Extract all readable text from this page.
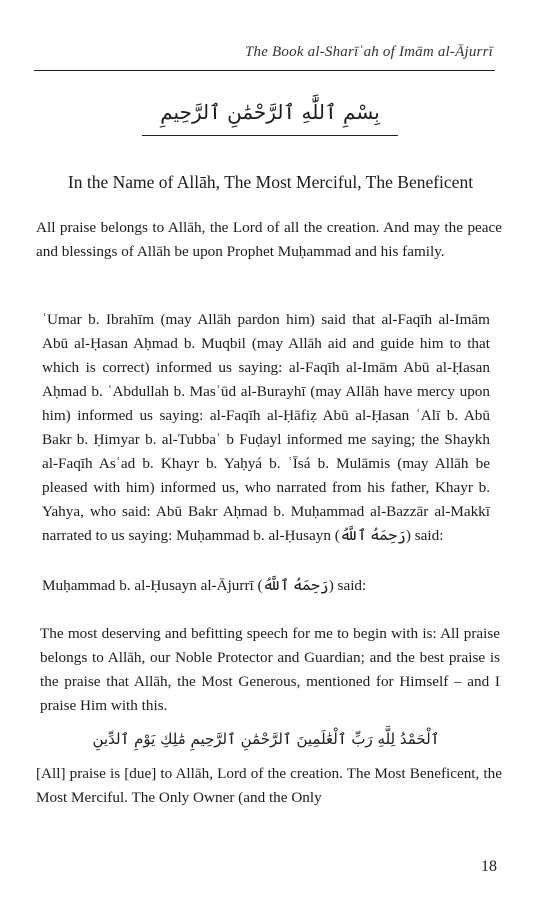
The Book al-Sharīʿah of Imām al-Ājurrī
بِسْمِ ٱللَّٰهِ ٱلرَّحْمَٰنِ ٱلرَّحِيمِ
In the Name of Allāh, The Most Merciful, The Beneficent

All praise belongs to Allāh, the Lord of all the creation. And may the peace and blessings of Allāh be upon Prophet Muḥammad and his family.

ʿUmar b. Ibrahīm (may Allāh pardon him) said that al-Faqīh al-Imām Abū al-Ḥasan Aḥmad b. Muqbil (may Allāh aid and guide him to that which is correct) informed us saying: al-Faqīh al-Imām Abū al-Ḥasan Aḥmad b. ʿAbdullah b. Masʿūd al-Burayhī (may Allāh have mercy upon him) informed us saying: al-Faqīh al-Ḥāfiẓ Abū al-Ḥasan ʿAlī b. Abū Bakr b. Ḥimyar b. al-Tubbaʿ b Fuḍayl informed me saying; the Shaykh al-Faqīh Asʿad b. Khayr b. Yaḥyá b. ʿĪsá b. Mulāmis (may Allāh be pleased with him) informed us, who narrated from his father, Khayr b. Yahya, who said: Abū Bakr Aḥmad b. Muḥammad al-Bazzār al-Makkī narrated to us saying: Muḥammad b. al-Ḥusayn (رَحِمَهُ ٱللَّهُ) said:

Muḥammad b. al-Ḥusayn al-Ājurrī (رَحِمَهُ ٱللَّهُ) said:

The most deserving and befitting speech for me to begin with is: All praise belongs to Allāh, our Noble Protector and Guardian; and the best praise is the praise that Allāh, the Most Generous, mentioned for Himself – and I praise Him with this.

ٱلْحَمْدُ لِلَّهِ رَبِّ ٱلْعَٰلَمِينَ ٱلرَّحْمَٰنِ ٱلرَّحِيمِ مَٰلِكِ يَوْمِ ٱلدِّينِ

[All] praise is [due] to Allāh, Lord of the creation. The Most Beneficent, the Most Merciful. The Only Owner (and the Only

18
